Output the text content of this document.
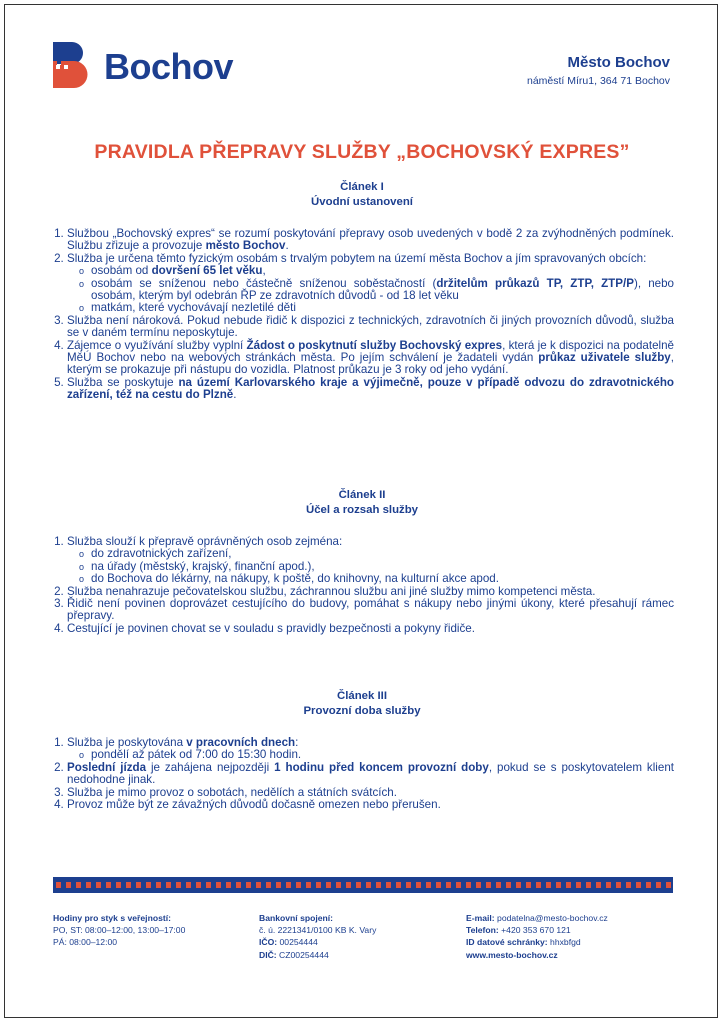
Bochov	Město Bochov
náměstí Míru1, 364 71 Bochov
PRAVIDLA PŘEPRAVY SLUŽBY „BOCHOVSKÝ EXPRES”
Článek I
Úvodní ustanovení
1. Službou „Bochovský expres“ se rozumí poskytování přepravy osob uvedených v bodě 2 za zvýhodněných podmínek. Službu zřizuje a provozuje město Bochov.
2. Služba je určena těmto fyzickým osobám s trvalým pobytem na území města Bochov a jím spravovaných obcích:
o osobám od dovršení 65 let věku,
o osobám se sníženou nebo částečně sníženou soběstačností (držitelům průkazů TP, ZTP, ZTP/P), nebo osobám, kterým byl odebrán ŘP ze zdravotních důvodů - od 18 let věku
o matkám, které vychovávají nezletilé děti
3. Služba není nároková. Pokud nebude řidič k dispozici z technických, zdravotních či jiných provozních důvodů, služba se v daném termínu neposkytuje.
4. Zájemce o využívání služby vyplní Žádost o poskytnutí služby Bochovský expres, která je k dispozici na podatelně MěÚ Bochov nebo na webových stránkách města. Po jejím schválení je žadateli vydán průkaz uživatele služby, kterým se prokazuje při nástupu do vozidla. Platnost průkazu je 3 roky od jeho vydání.
5. Služba se poskytuje na území Karlovarského kraje a výjimečně, pouze v případě odvozu do zdravotnického zařízení, též na cestu do Plzně.
Článek II
Účel a rozsah služby
1. Služba slouží k přepravě oprávněných osob zejména:
o do zdravotnických zařízení,
o na úřady (městský, krajský, finanční apod.),
o do Bochova do lékárny, na nákupy, k poště, do knihovny, na kulturní akce apod.
2. Služba nenahrazuje pečovatelskou službu, záchrannou službu ani jiné služby mimo kompetenci města.
3. Řidič není povinen doprovázet cestujícího do budovy, pomáhat s nákupy nebo jinými úkony, které přesahují rámec přepravy.
4. Cestující je povinen chovat se v souladu s pravidly bezpečnosti a pokyny řidiče.
Článek III
Provozní doba služby
1. Služba je poskytována v pracovních dnech:
o pondělí až pátek od 7:00 do 15:30 hodin.
2. Poslední jízda je zahájena nejpozději 1 hodinu před koncem provozní doby, pokud se s poskytovatelem klient nedohodne jinak.
3. Služba je mimo provoz o sobotách, nedělích a státních svátcích.
4. Provoz může být ze závažných důvodů dočasně omezen nebo přerušen.
Hodiny pro styk s veřejností:
PO, ST: 08:00–12:00, 13:00–17:00
PÁ: 08:00–12:00
Bankovní spojení:
č. ú. 2221341/0100 KB K. Vary
IČO: 00254444
DIČ: CZ00254444
E-mail: podatelna@mesto-bochov.cz
Telefon: +420 353 670 121
ID datové schránky: hhxbfgd
www.mesto-bochov.cz
